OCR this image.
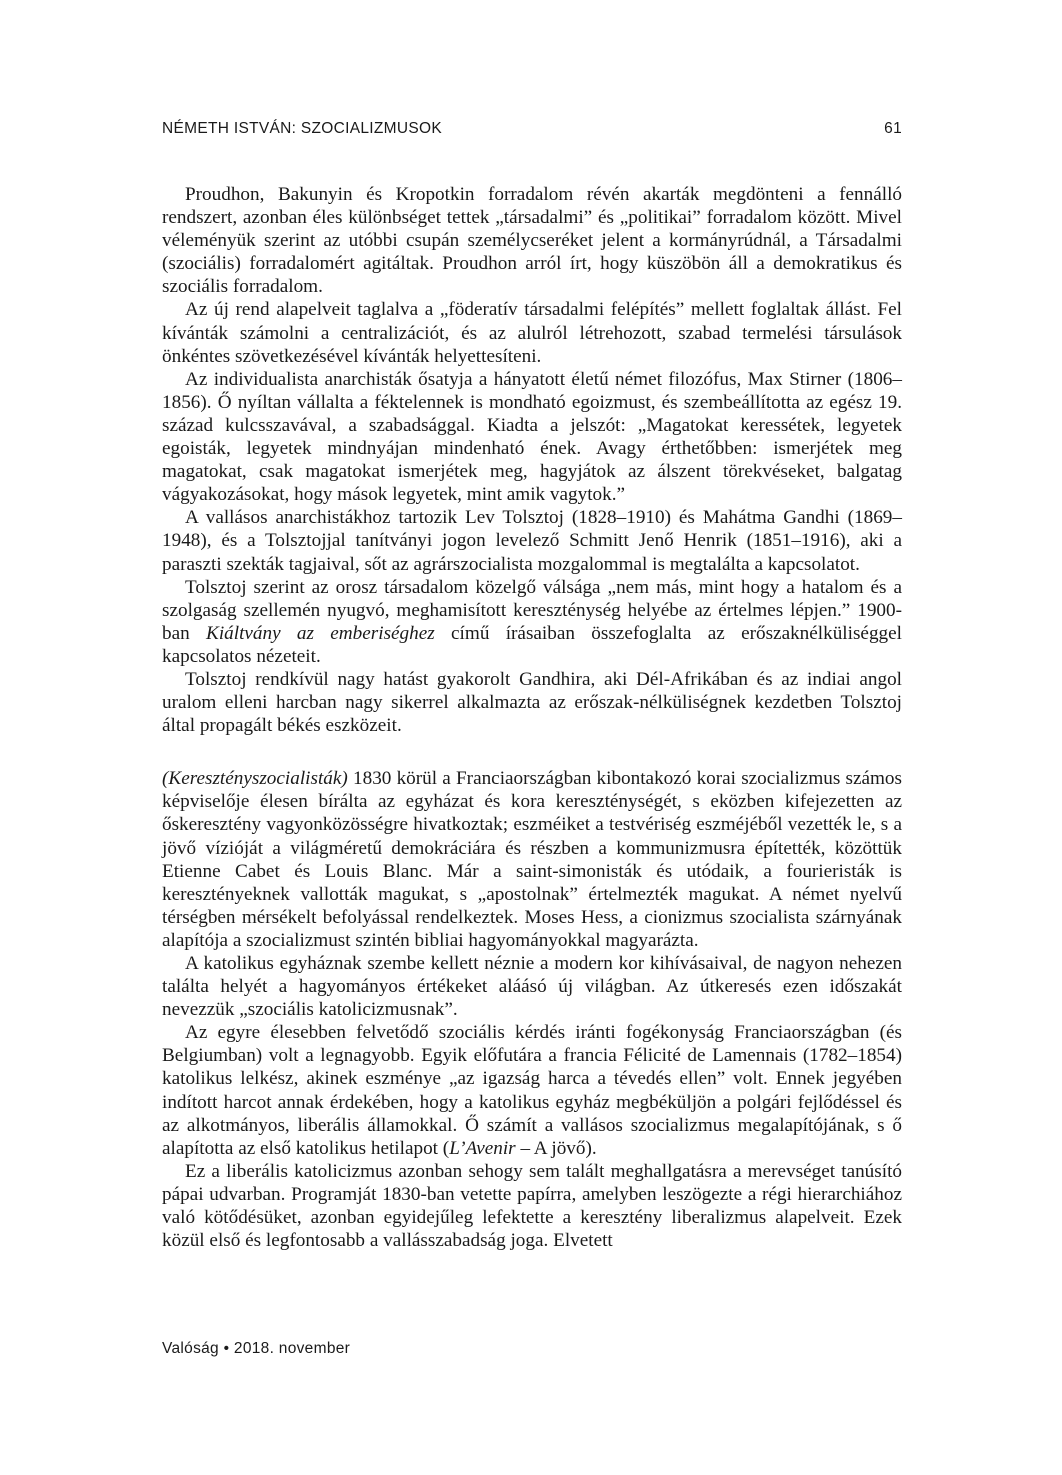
NÉMETH ISTVÁN: SZOCIALIZMUSOK	61

Proudhon, Bakunyin és Kropotkin forradalom révén akarták megdönteni a fennálló rendszert, azonban éles különbséget tettek „társadalmi” és „politikai” forradalom között. Mivel véleményük szerint az utóbbi csupán személycseréket jelent a kormányrúdnál, a Társadalmi (szociális) forradalomért agitáltak. Proudhon arról írt, hogy küszöbön áll a demokratikus és szociális forradalom.

Az új rend alapelveit taglalva a „föderatív társadalmi felépítés” mellett foglaltak állást. Fel kívánták számolni a centralizációt, és az alulról létrehozott, szabad termelési társulások önkéntes szövetkezésével kívánták helyettesíteni.

Az individualista anarchisták ősatyja a hányatott életű német filozófus, Max Stirner (1806–1856). Ő nyíltan vállalta a féktelennek is mondható egoizmust, és szembeállította az egész 19. század kulcsszavával, a szabadsággal. Kiadta a jelszót: „Magatokat keressétek, legyetek egoisták, legyetek mindnyájan mindenható ének. Avagy érthetőbben: ismerjétek meg magatokat, csak magatokat ismerjétek meg, hagyjátok az álszent törekvéseket, balgatag vágyakozásokat, hogy mások legyetek, mint amik vagytok.”

A vallásos anarchistákhoz tartozik Lev Tolsztoj (1828–1910) és Mahátma Gandhi (1869–1948), és a Tolsztojjal tanítványi jogon levelező Schmitt Jenő Henrik (1851–1916), aki a paraszti szekták tagjaival, sőt az agrárszocialista mozgalommal is megtalálta a kapcsolatot.

Tolsztoj szerint az orosz társadalom közelgő válsága „nem más, mint hogy a hatalom és a szolgaság szellemén nyugvó, meghamisított kereszténység helyébe az értelmes lépjen.” 1900-ban Kiáltvány az emberiséghez című írásaiban összefoglalta az erőszaknélküliséggel kapcsolatos nézeteit.

Tolsztoj rendkívül nagy hatást gyakorolt Gandhira, aki Dél-Afrikában és az indiai angol uralom elleni harcban nagy sikerrel alkalmazta az erőszak-nélküliségnek kezdetben Tolsztoj által propagált békés eszközeit.

(Keresztényszocialisták) 1830 körül a Franciaországban kibontakozó korai szocializmus számos képviselője élesen bírálta az egyházat és kora kereszténységét, s eközben kifejezetten az őskeresztény vagyonközösségre hivatkoztak; eszméiket a testvériség eszméjéből vezették le, s a jövő vízióját a világméretű demokráciára és részben a kommunizmusra építették, közöttük Etienne Cabet és Louis Blanc. Már a saint-simonisták és utódaik, a fourieristák is keresztényeknek vallották magukat, s „apostolnak” értelmezték magukat. A német nyelvű térségben mérsékelt befolyással rendelkeztek. Moses Hess, a cionizmus szocialista szárnyának alapítója a szocializmust szintén bibliai hagyományokkal magyarázta.

A katolikus egyháznak szembe kellett néznie a modern kor kihívásaival, de nagyon nehezen találta helyét a hagyományos értékeket aláásó új világban. Az útkeresés ezen időszakát nevezzük „szociális katolicizmusnak”.

Az egyre élesebben felvetődő szociális kérdés iránti fogékonyság Franciaországban (és Belgiumban) volt a legnagyobb. Egyik előfutára a francia Félicité de Lamennais (1782–1854) katolikus lelkész, akinek eszménye „az igazság harca a tévedés ellen” volt. Ennek jegyében indított harcot annak érdekében, hogy a katolikus egyház megbéküljön a polgári fejlődéssel és az alkotmányos, liberális államokkal. Ő számít a vallásos szocializmus megalapítójának, s ő alapította az első katolikus hetilapot (L’Avenir – A jövő).

Ez a liberális katolicizmus azonban sehogy sem talált meghallgatásra a merevséget tanúsító pápai udvarban. Programját 1830-ban vetette papírra, amelyben leszögezte a régi hierarchiához való kötődésüket, azonban egyidejűleg lefektette a keresztény liberalizmus alapelveit. Ezek közül első és legfontosabb a vallásszabadság joga. Elvetett

Valóság • 2018. november
